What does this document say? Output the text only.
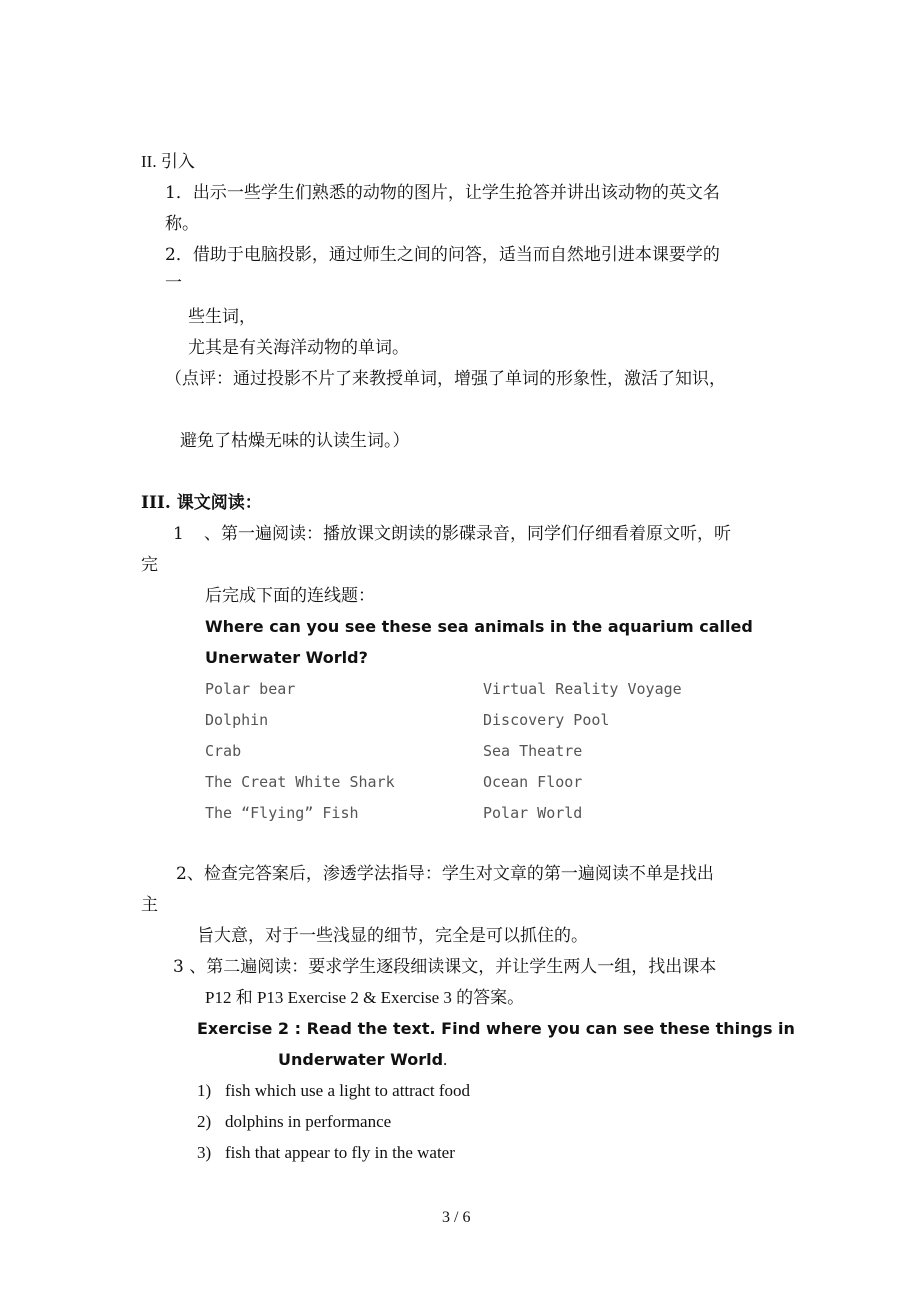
II. 引入
1．出示一些学生们熟悉的动物的图片，让学生抢答并讲出该动物的英文名
称。
2．借助于电脑投影，通过师生之间的问答，适当而自然地引进本课要学的
一
些生词，
尤其是有关海洋动物的单词。
（点评：通过投影不片了来教授单词，增强了单词的形象性，激活了知识，
避免了枯燥无味的认读生词。）
III. 课文阅读：
1 、第一遍阅读：播放课文朗读的影碟录音，同学们仔细看着原文听，听
完
后完成下面的连线题：
Where can you see these sea animals in the aquarium called
Unerwater World?
Polar bear	Virtual Reality Voyage
Dolphin	Discovery Pool
Crab	Sea Theatre
The Creat White Shark	Ocean Floor
The “Flying” Fish	Polar World
2、检查完答案后，渗透学法指导：学生对文章的第一遍阅读不单是找出
主
旨大意，对于一些浅显的细节，完全是可以抓住的。
3 、第二遍阅读：要求学生逐段细读课文，并让学生两人一组，找出课本
P12 和 P13 Exercise 2 & Exercise 3 的答案。
Exercise 2 : Read the text. Find where you can see these things in
Underwater World.
1) fish which use a light to attract food
2) dolphins in performance
3) fish that appear to fly in the water
3 / 6
